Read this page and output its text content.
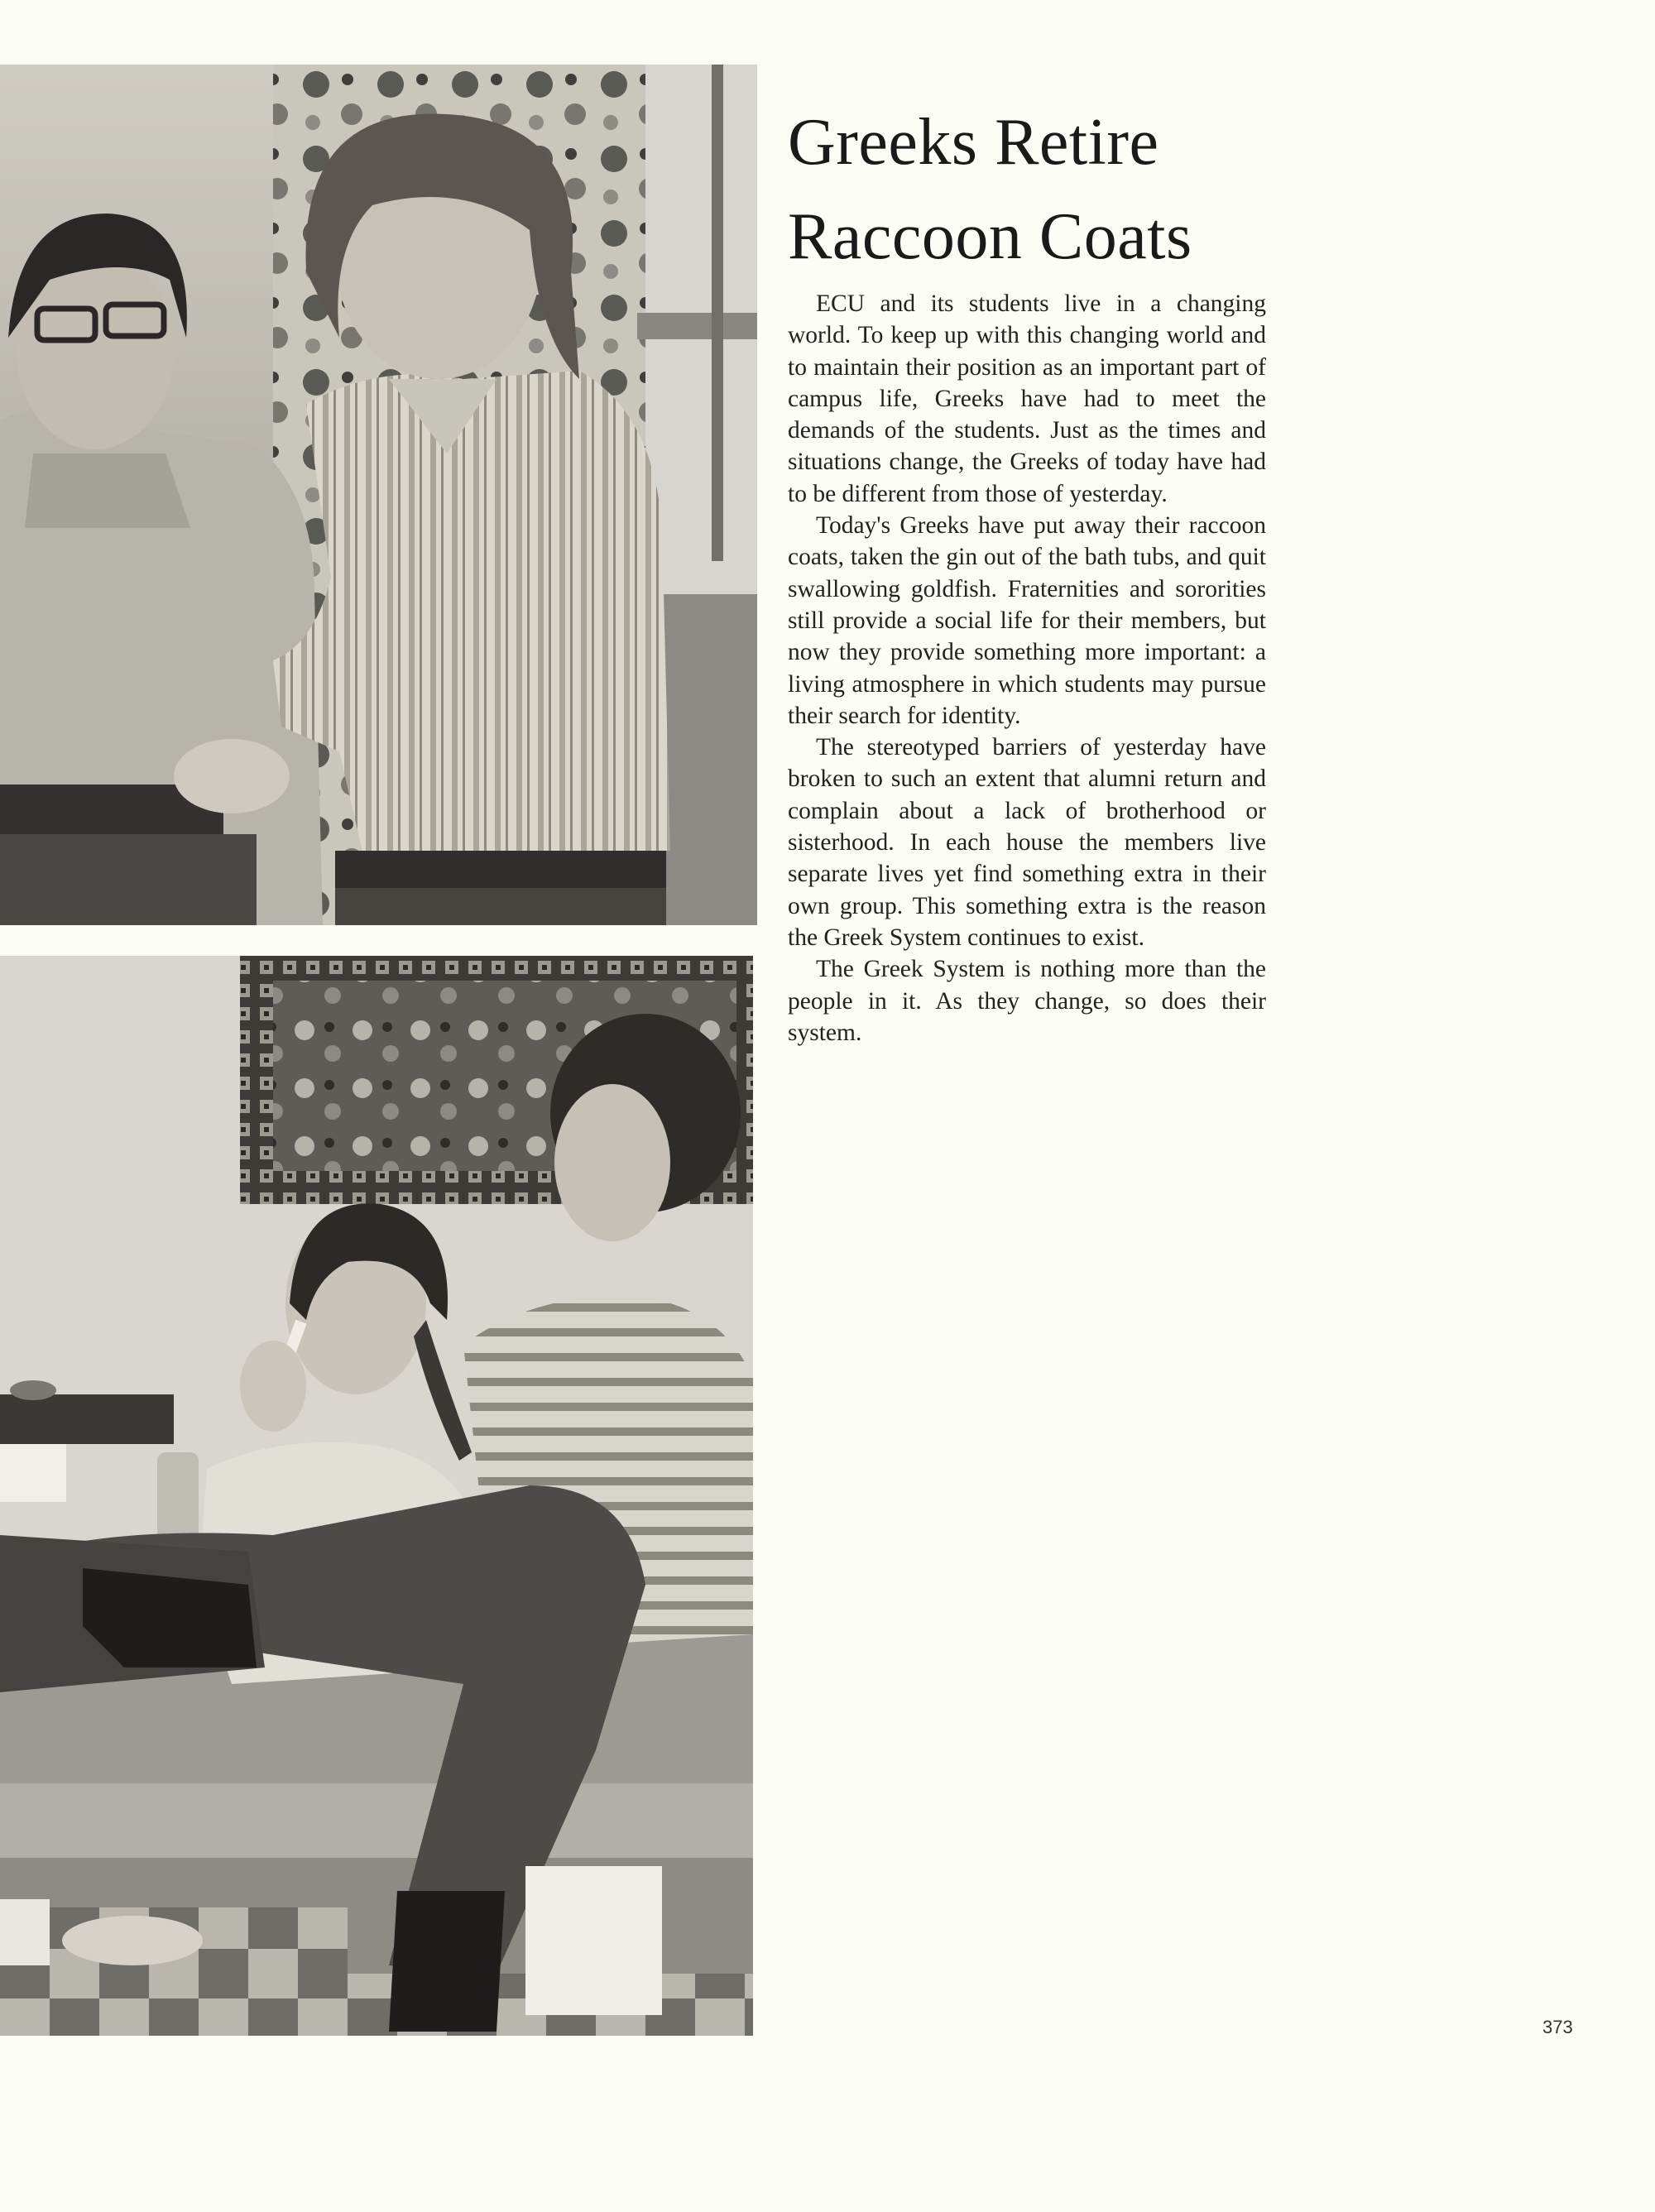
Greeks Retire
Raccoon Coats

ECU and its students live in a changing world. To keep up with this changing world and to maintain their position as an important part of campus life, Greeks have had to meet the demands of the students. Just as the times and situations change, the Greeks of today have had to be different from those of yesterday.

Today's Greeks have put away their raccoon coats, taken the gin out of the bath tubs, and quit swallowing goldfish. Fraternities and sororities still provide a social life for their members, but now they provide something more important: a living atmosphere in which students may pursue their search for identity.

The stereotyped barriers of yesterday have broken to such an extent that alumni return and complain about a lack of brotherhood or sisterhood. In each house the members live separate lives yet find something extra in their own group. This something extra is the reason the Greek System continues to exist.

The Greek System is nothing more than the people in it. As they change, so does their system.

373
